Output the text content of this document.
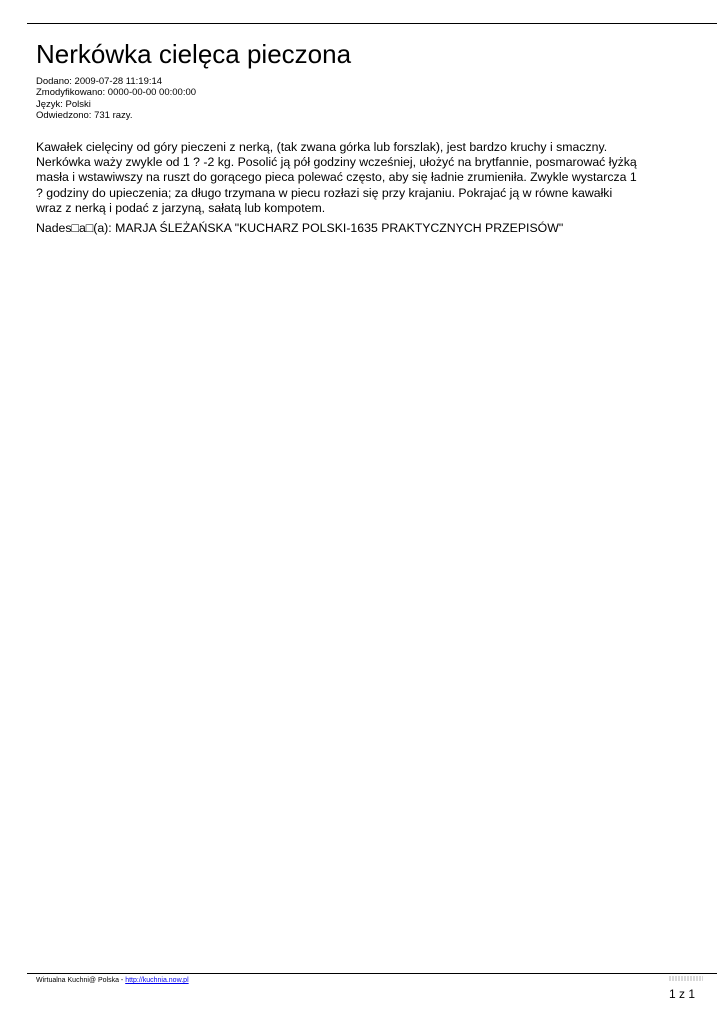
Nerkówka cielęca pieczona
Dodano: 2009-07-28 11:19:14
Zmodyfikowano: 0000-00-00 00:00:00
Język: Polski
Odwiedzono: 731 razy.
Kawałek cielęciny od góry pieczeni z nerką, (tak zwana górka lub forszlak), jest bardzo kruchy i smaczny.
Nerkówka waży zwykle od 1 ? -2 kg. Posolić ją pół godziny wcześniej, ułożyć na brytfannie, posmarować łyżką
masła i wstawiwszy na ruszt do gorącego pieca polewać często, aby się ładnie zrumieniła. Zwykle wystarcza 1
? godziny do upieczenia; za długo trzymana w piecu rozłazi się przy krajaniu. Pokrajać ją w równe kawałki
wraz z nerką i podać z jarzyną, sałatą lub kompotem.
Nades□a□(a): MARJA ŚLEŻAŃSKA "KUCHARZ POLSKI-1635 PRAKTYCZNYCH PRZEPISÓW"
Wirtualna Kuchni@ Polska - http://kuchnia.now.pl
1 z 1
